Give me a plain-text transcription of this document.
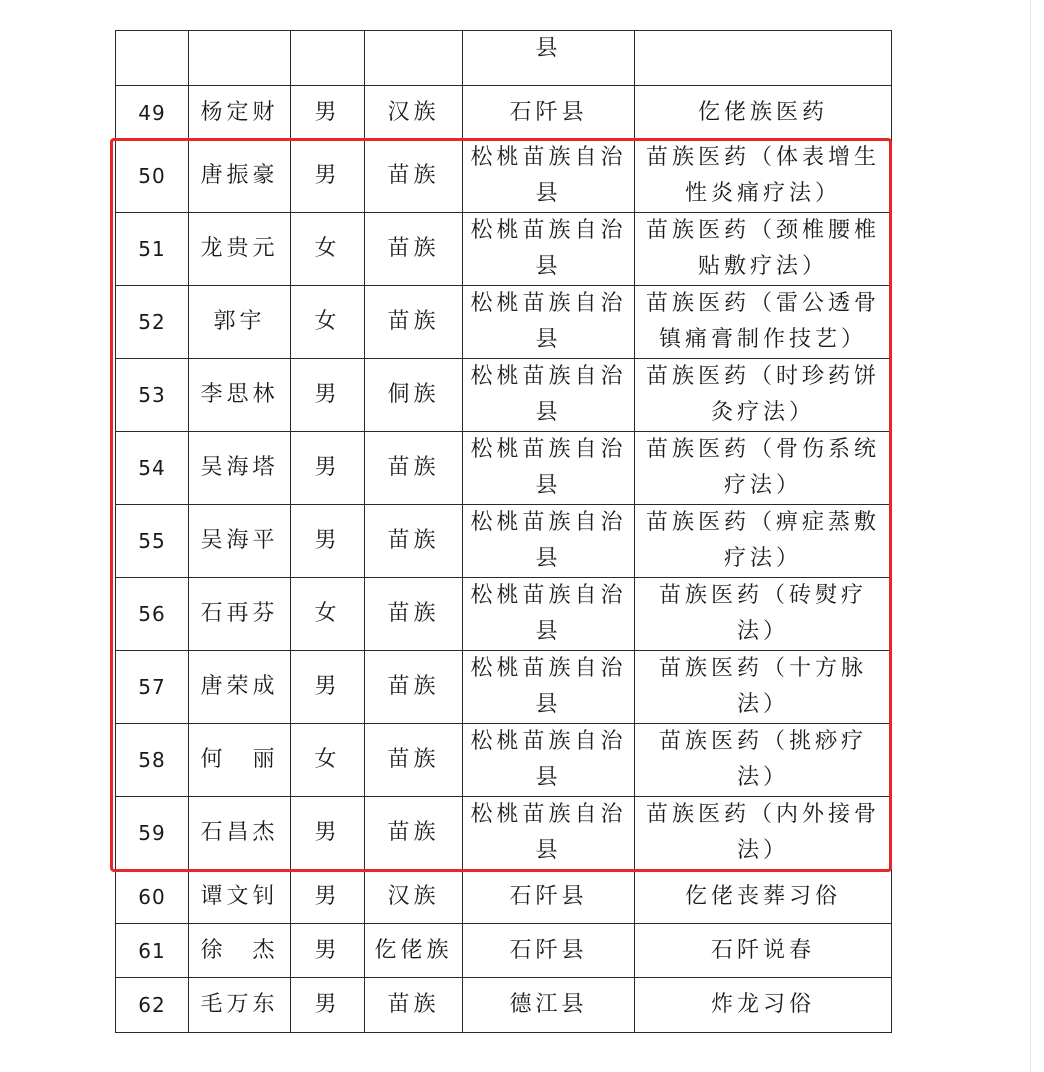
				县	

49	杨定财	男	汉族	石阡县	仡佬族医药

50	唐振豪	男	苗族	松桃苗族自治县	苗族医药（体表增生性炎痛疗法）

51	龙贵元	女	苗族	松桃苗族自治县	苗族医药（颈椎腰椎贴敷疗法）

52	郭宇	女	苗族	松桃苗族自治县	苗族医药（雷公透骨镇痛膏制作技艺）

53	李思林	男	侗族	松桃苗族自治县	苗族医药（时珍药饼灸疗法）

54	吴海塔	男	苗族	松桃苗族自治县	苗族医药（骨伤系统疗法）

55	吴海平	男	苗族	松桃苗族自治县	苗族医药（痹症蒸敷疗法）

56	石再芬	女	苗族	松桃苗族自治县	苗族医药（砖熨疗法）

57	唐荣成	男	苗族	松桃苗族自治县	苗族医药（十方脉法）

58	何　丽	女	苗族	松桃苗族自治县	苗族医药（挑痧疗法）

59	石昌杰	男	苗族	松桃苗族自治县	苗族医药（内外接骨法）

60	谭文钊	男	汉族	石阡县	仡佬丧葬习俗

61	徐　杰	男	仡佬族	石阡县	石阡说春

62	毛万东	男	苗族	德江县	炸龙习俗
